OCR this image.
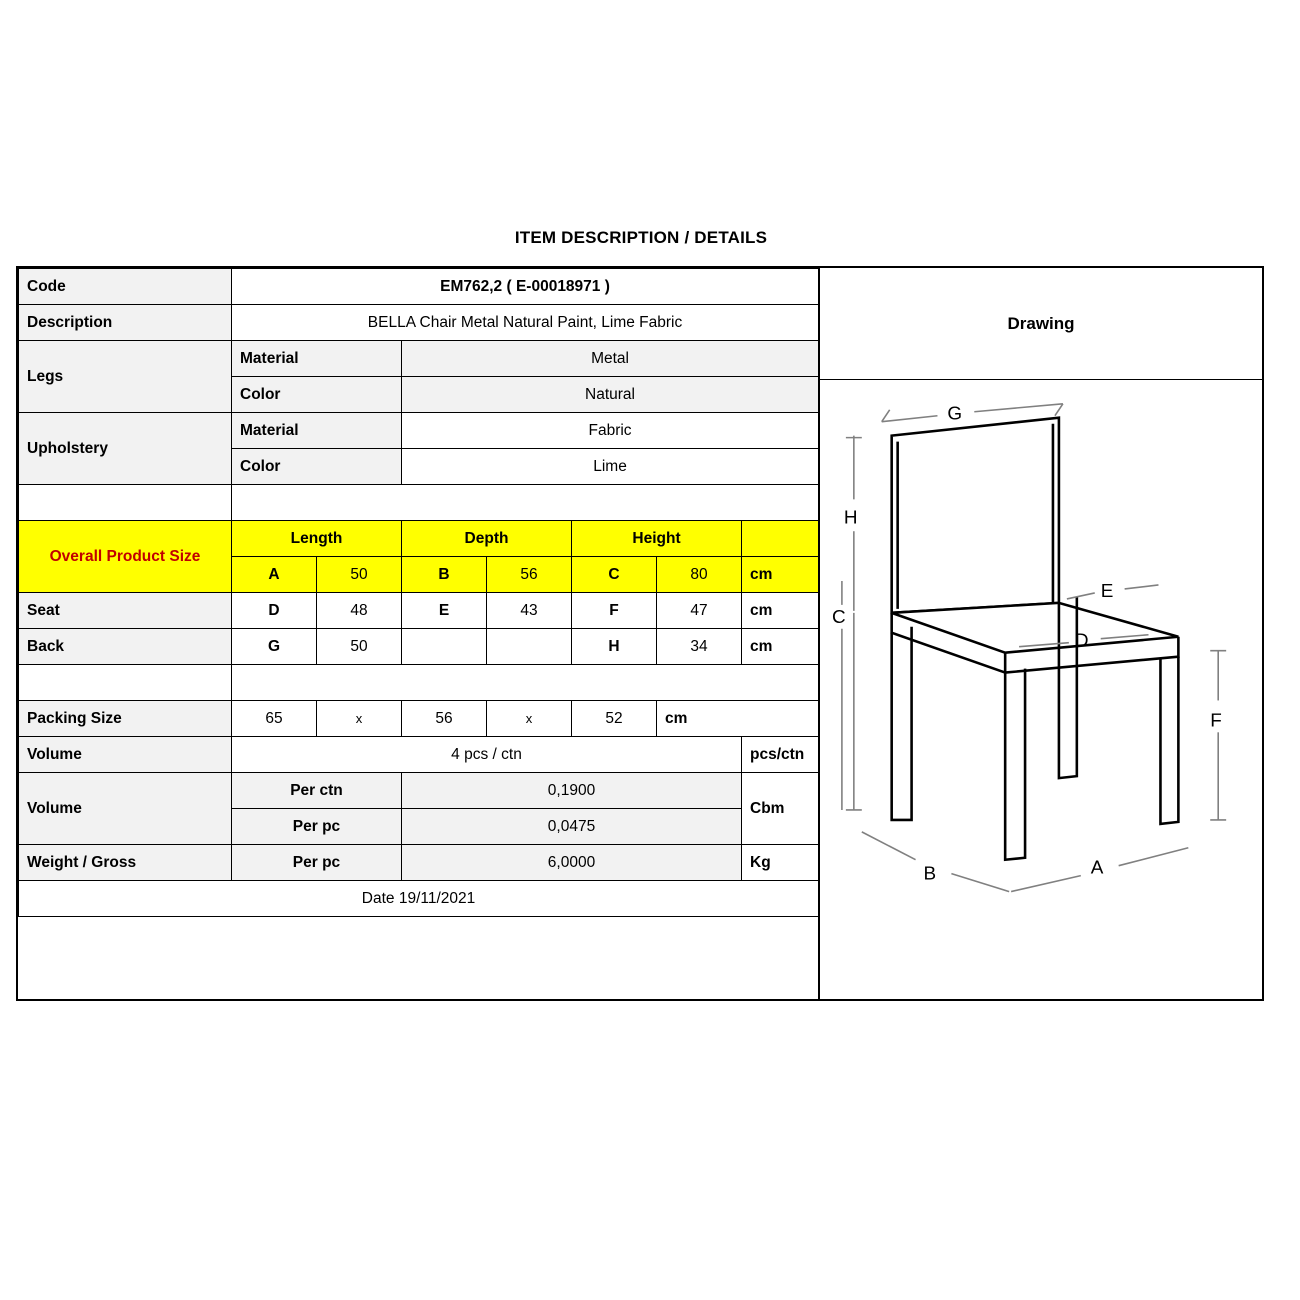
ITEM DESCRIPTION / DETAILS
Code	EM762,2 ( E-00018971 )						
Description	BELLA Chair Metal Natural Paint, Lime Fabric						
Legs	Material		Metal				
	Color		Natural				
Upholstery	Material		Fabric				
	Color		Lime				

Overall Product Size	Length		Depth		Height		
	A	50	B	56	C	80	cm
Seat	D	48	E	43	F	47	cm
Back	G	50			H	34	cm

Packing Size	65	x	56	x	52	cm	
Volume	4 pcs / ctn						pcs/ctn
Volume	Per ctn		0,1900				Cbm
	Per pc		0,0475				
Weight / Gross	Per pc		6,0000				Kg
Date 19/11/2021							
Drawing
G
H
C
E
D
F
B	A
